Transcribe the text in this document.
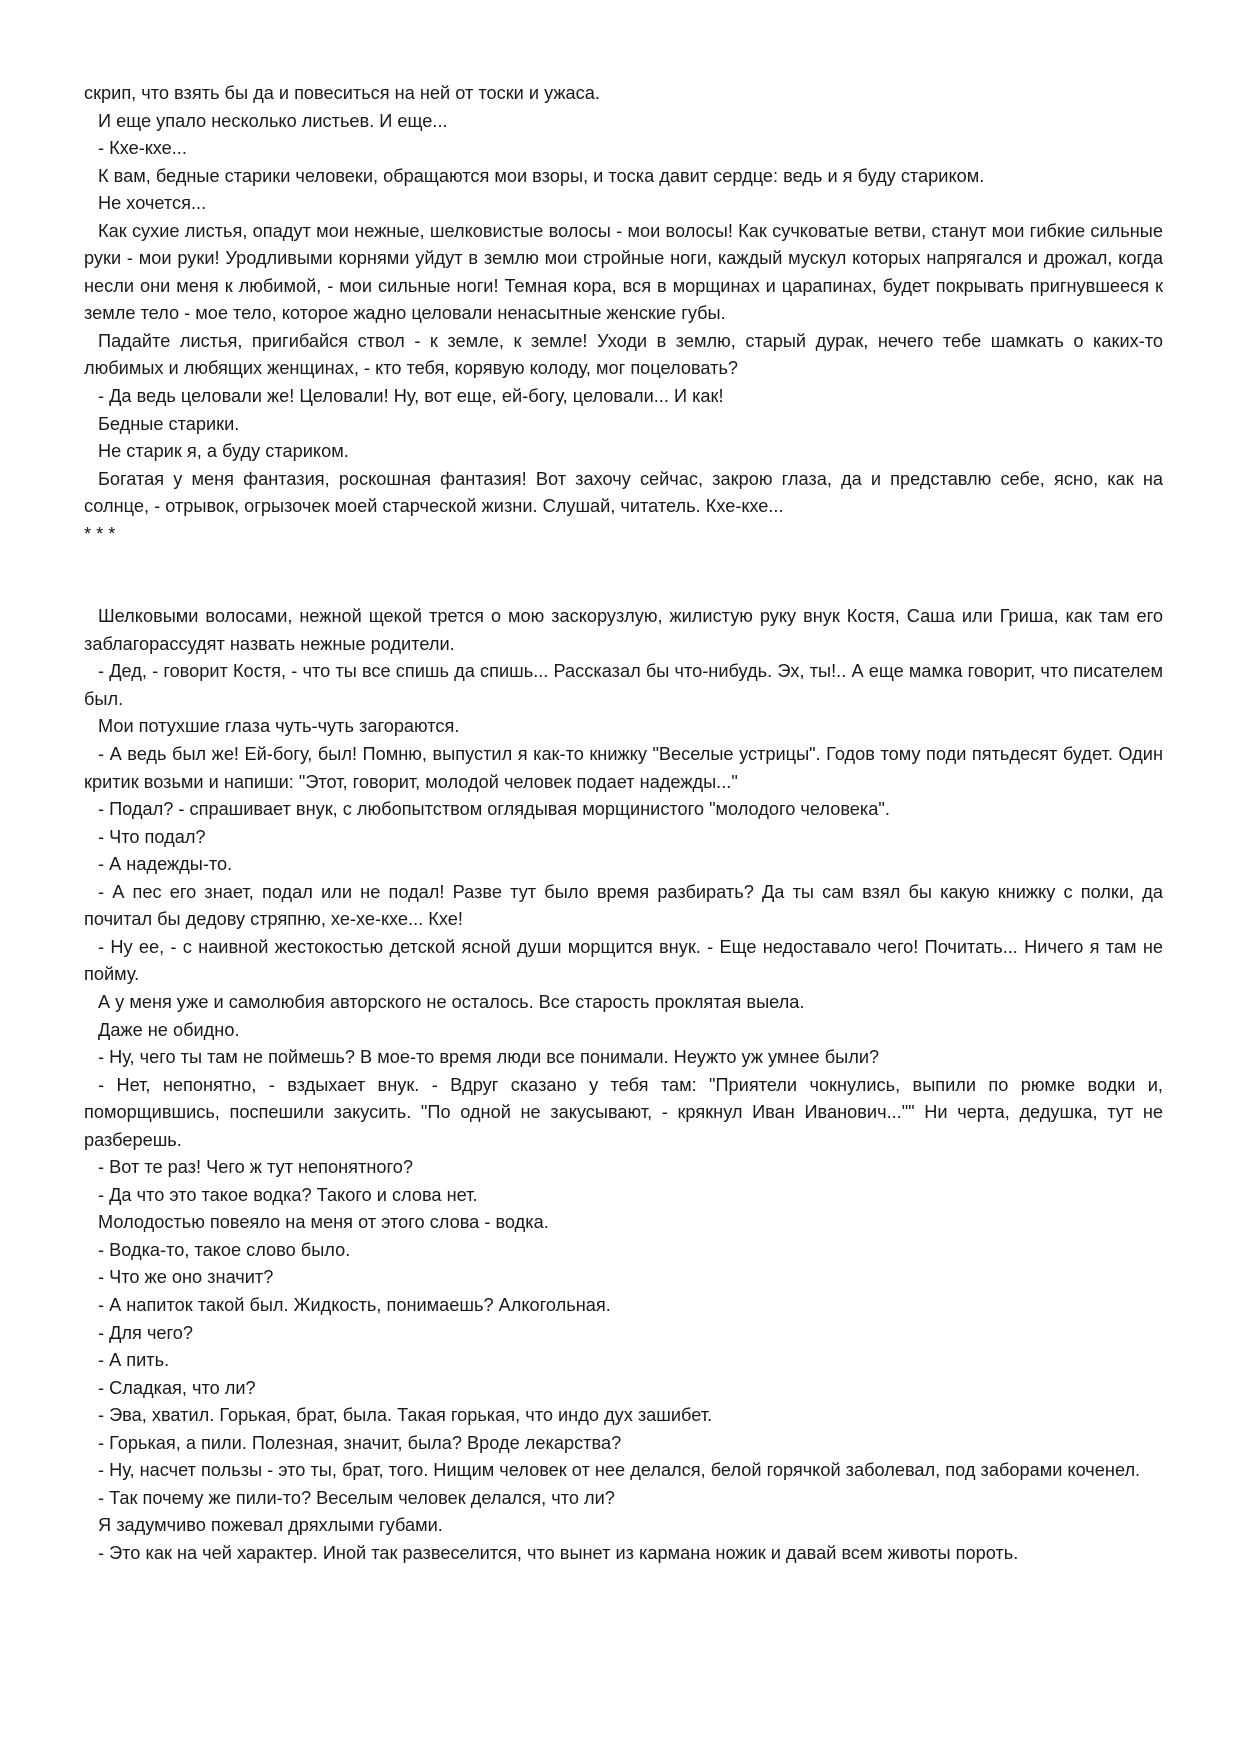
скрип, что взять бы да и повеситься на ней от тоски и ужаса.

И еще упало несколько листьев. И еще...

- Кхе-кхе...

К вам, бедные старики человеки, обращаются мои взоры, и тоска давит сердце: ведь и я буду стариком.

Не хочется...

Как сухие листья, опадут мои нежные, шелковистые волосы - мои волосы! Как сучковатые ветви, станут мои гибкие сильные руки - мои руки! Уродливыми корнями уйдут в землю мои стройные ноги, каждый мускул которых напрягался и дрожал, когда несли они меня к любимой, - мои сильные ноги! Темная кора, вся в морщинах и царапинах, будет покрывать пригнувшееся к земле тело - мое тело, которое жадно целовали ненасытные женские губы.

Падайте листья, пригибайся ствол - к земле, к земле! Уходи в землю, старый дурак, нечего тебе шамкать о каких-то любимых и любящих женщинах, - кто тебя, корявую колоду, мог поцеловать?

- Да ведь целовали же! Целовали! Ну, вот еще, ей-богу, целовали... И как!

Бедные старики.

Не старик я, а буду стариком.

Богатая у меня фантазия, роскошная фантазия! Вот захочу сейчас, закрою глаза, да и представлю себе, ясно, как на солнце, - отрывок, огрызочек моей старческой жизни. Слушай, читатель. Кхе-кхе...

* * *

Шелковыми волосами, нежной щекой трется о мою заскорузлую, жилистую руку внук Костя, Саша или Гриша, как там его заблагорассудят назвать нежные родители.

- Дед, - говорит Костя, - что ты все спишь да спишь... Рассказал бы что-нибудь. Эх, ты!.. А еще мамка говорит, что писателем был.

Мои потухшие глаза чуть-чуть загораются.

- А ведь был же! Ей-богу, был! Помню, выпустил я как-то книжку "Веселые устрицы". Годов тому поди пятьдесят будет. Один критик возьми и напиши: "Этот, говорит, молодой человек подает надежды..."

- Подал? - спрашивает внук, с любопытством оглядывая морщинистого "молодого человека".

- Что подал?

- А надежды-то.

- А пес его знает, подал или не подал! Разве тут было время разбирать? Да ты сам взял бы какую книжку с полки, да почитал бы дедову стряпню, хе-хе-кхе... Кхе!

- Ну ее, - с наивной жестокостью детской ясной души морщится внук. - Еще недоставало чего! Почитать... Ничего я там не пойму.

А у меня уже и самолюбия авторского не осталось. Все старость проклятая выела.

Даже не обидно.

- Ну, чего ты там не поймешь? В мое-то время люди все понимали. Неужто уж умнее были?

- Нет, непонятно, - вздыхает внук. - Вдруг сказано у тебя там: "Приятели чокнулись, выпили по рюмке водки и, поморщившись, поспешили закусить. "По одной не закусывают, - крякнул Иван Иванович..."" Ни черта, дедушка, тут не разберешь.

- Вот те раз! Чего ж тут непонятного?

- Да что это такое водка? Такого и слова нет.

Молодостью повеяло на меня от этого слова - водка.

- Водка-то, такое слово было.

- Что же оно значит?

- А напиток такой был. Жидкость, понимаешь? Алкогольная.

- Для чего?

- А пить.

- Сладкая, что ли?

- Эва, хватил. Горькая, брат, была. Такая горькая, что индо дух зашибет.

- Горькая, а пили. Полезная, значит, была? Вроде лекарства?

- Ну, насчет пользы - это ты, брат, того. Нищим человек от нее делался, белой горячкой заболевал, под заборами коченел.

- Так почему же пили-то? Веселым человек делался, что ли?

Я задумчиво пожевал дряхлыми губами.

- Это как на чей характер. Иной так развеселится, что вынет из кармана ножик и давай всем животы пороть.
